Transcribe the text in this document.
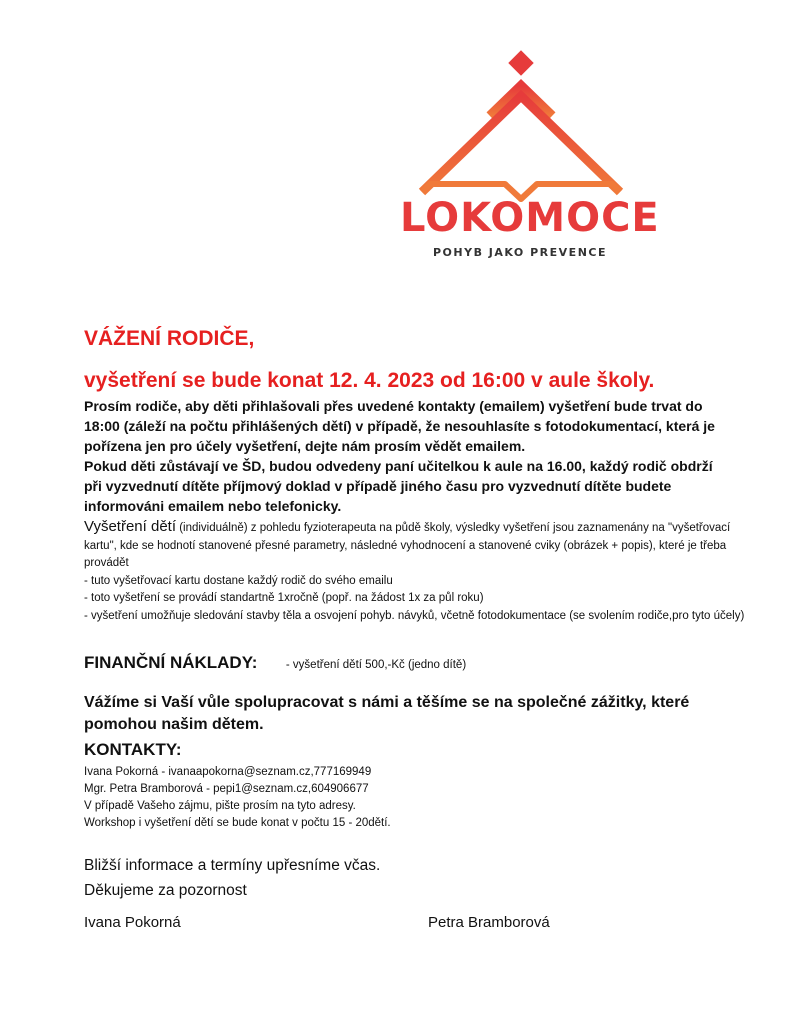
LOKOMOCE
POHYB JAKO PREVENCE
VÁŽENÍ RODIČE,
vyšetření se bude konat 12. 4. 2023 od 16:00 v aule školy.

Prosím rodiče, aby děti přihlašovali přes uvedené kontakty (emailem) vyšetření bude trvat do 18:00 (záleží na počtu přihlášených dětí) v případě, že nesouhlasíte s fotodokumentací, která je pořízena jen pro účely vyšetření, dejte nám prosím vědět emailem.

Pokud děti zůstávají ve ŠD, budou odvedeny paní učitelkou k aule na 16.00, každý rodič obdrží při vyzvednutí dítěte příjmový doklad v případě jiného času pro vyzvednutí dítěte budete informováni emailem nebo telefonicky.

Vyšetření dětí (individuálně) z pohledu fyzioterapeuta na půdě školy, výsledky vyšetření jsou zaznamenány na "vyšetřovací kartu", kde se hodnotí stanovené přesné parametry, následné vyhodnocení a stanovené cviky (obrázek + popis), které je třeba provádět

- tuto vyšetřovací kartu dostane každý rodič do svého emailu
- toto vyšetření se provádí standartně 1xročně (popř. na žádost 1x za půl roku)

- vyšetření umožňuje sledování stavby těla a osvojení pohyb. návyků, včetně fotodokumentace (se svolením rodiče,pro tyto účely)

FINANČNÍ NÁKLADY: - vyšetření dětí 500,-Kč (jedno dítě)

Vážíme si Vaší vůle spolupracovat s námi a těšíme se na společné zážitky, které pomohou našim dětem.

KONTAKTY:
Ivana Pokorná - ivanaapokorna@seznam.cz,777169949
Mgr. Petra Bramborová - pepi1@seznam.cz,604906677
V případě Vašeho zájmu, pište prosím na tyto adresy.
Workshop i vyšetření dětí se bude konat v počtu 15 - 20dětí.
Bližší informace a termíny upřesníme včas.
Děkujeme za pozornost
Ivana Pokorná	Petra Bramborová
